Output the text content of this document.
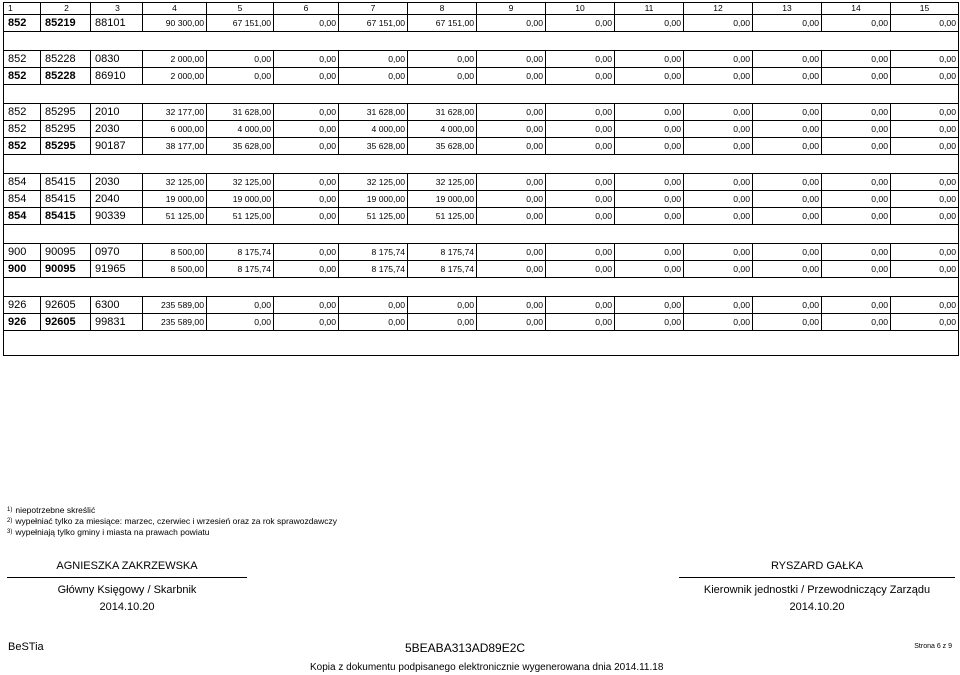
1	2	3	4	5	6	7	8	9	10	11	12	13	14	15
852	85219	88101	90 300,00	67 151,00	0,00	67 151,00	67 151,00	0,00	0,00	0,00	0,00	0,00	0,00	0,00

852	85228	0830	2 000,00	0,00	0,00	0,00	0,00	0,00	0,00	0,00	0,00	0,00	0,00	0,00
852	85228	86910	2 000,00	0,00	0,00	0,00	0,00	0,00	0,00	0,00	0,00	0,00	0,00	0,00

852	85295	2010	32 177,00	31 628,00	0,00	31 628,00	31 628,00	0,00	0,00	0,00	0,00	0,00	0,00	0,00
852	85295	2030	6 000,00	4 000,00	0,00	4 000,00	4 000,00	0,00	0,00	0,00	0,00	0,00	0,00	0,00
852	85295	90187	38 177,00	35 628,00	0,00	35 628,00	35 628,00	0,00	0,00	0,00	0,00	0,00	0,00	0,00

854	85415	2030	32 125,00	32 125,00	0,00	32 125,00	32 125,00	0,00	0,00	0,00	0,00	0,00	0,00	0,00
854	85415	2040	19 000,00	19 000,00	0,00	19 000,00	19 000,00	0,00	0,00	0,00	0,00	0,00	0,00	0,00
854	85415	90339	51 125,00	51 125,00	0,00	51 125,00	51 125,00	0,00	0,00	0,00	0,00	0,00	0,00	0,00

900	90095	0970	8 500,00	8 175,74	0,00	8 175,74	8 175,74	0,00	0,00	0,00	0,00	0,00	0,00	0,00
900	90095	91965	8 500,00	8 175,74	0,00	8 175,74	8 175,74	0,00	0,00	0,00	0,00	0,00	0,00	0,00

926	92605	6300	235 589,00	0,00	0,00	0,00	0,00	0,00	0,00	0,00	0,00	0,00	0,00	0,00
926	92605	99831	235 589,00	0,00	0,00	0,00	0,00	0,00	0,00	0,00	0,00	0,00	0,00	0,00

$^{1)}$ niepotrzebne skreślić
$^{2)}$ wypełniać tylko za miesiące: marzec, czerwiec i wrzesień oraz za rok sprawozdawczy
$^{3)}$ wypełniają tylko gminy i miasta na prawach powiatu
AGNIESZKA ZAKRZEWSKA
Główny Księgowy / Skarbnik
2014.10.20
RYSZARD GAŁKA
Kierownik jednostki / Przewodniczący Zarządu
2014.10.20
BeSTia	5BEABA313AD89E2C	Strona 6 z 9
Kopia z dokumentu podpisanego elektronicznie wygenerowana dnia 2014.11.18
